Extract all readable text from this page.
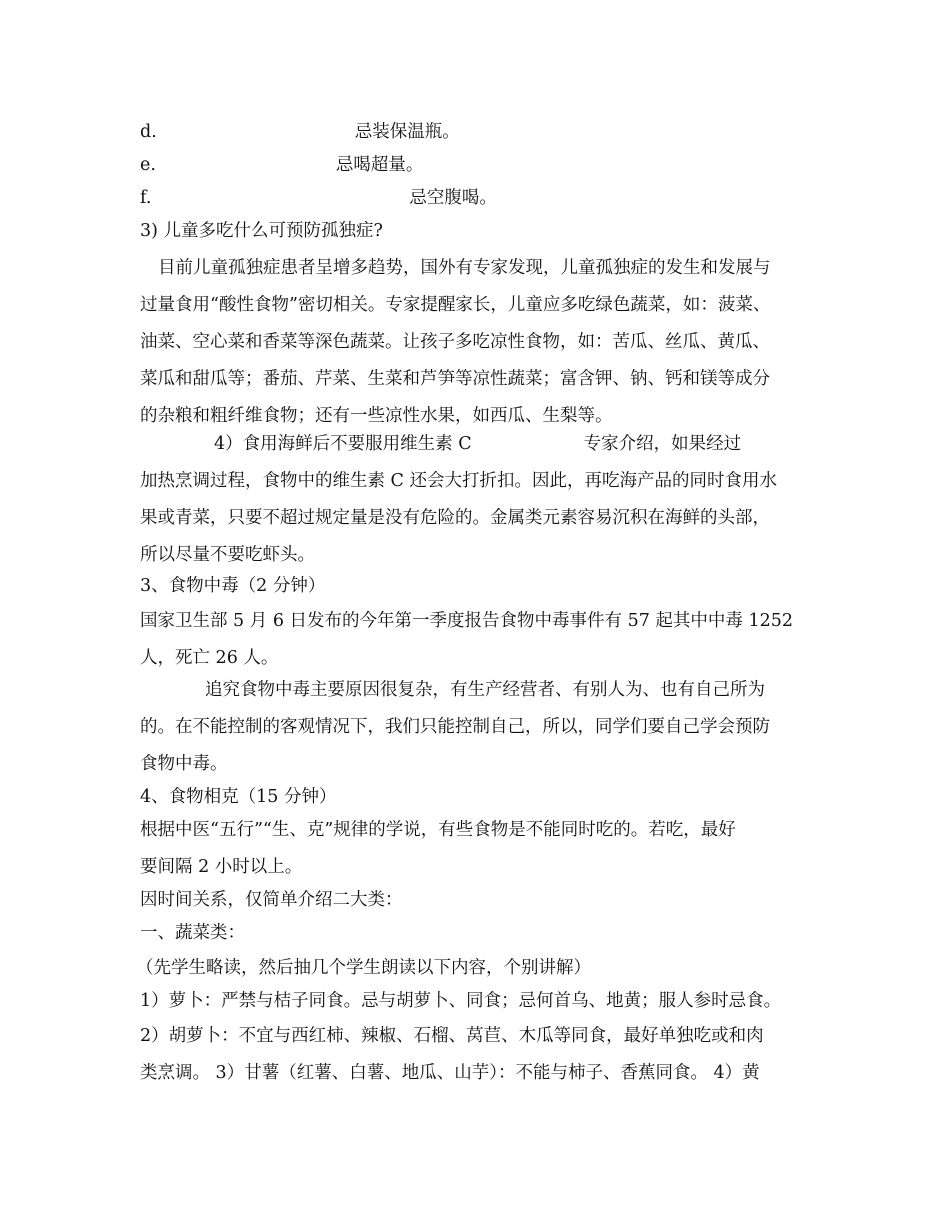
d.	忌装保温瓶。
e.	忌喝超量。
f.	忌空腹喝。
3) 儿童多吃什么可预防孤独症?
目前儿童孤独症患者呈增多趋势，国外有专家发现，儿童孤独症的发生和发展与
过量食用“酸性食物”密切相关。专家提醒家长，儿童应多吃绿色蔬菜，如：菠菜、
油菜、空心菜和香菜等深色蔬菜。让孩子多吃凉性食物，如：苦瓜、丝瓜、黄瓜、
菜瓜和甜瓜等；番茄、芹菜、生菜和芦笋等凉性蔬菜；富含钾、钠、钙和镁等成分
的杂粮和粗纤维食物；还有一些凉性水果，如西瓜、生梨等。
4）食用海鲜后不要服用维生素 C	专家介绍，如果经过
加热烹调过程，食物中的维生素 C 还会大打折扣。因此，再吃海产品的同时食用水
果或青菜，只要不超过规定量是没有危险的。金属类元素容易沉积在海鲜的头部，
所以尽量不要吃虾头。
3、食物中毒（2 分钟）
国家卫生部 5 月 6 日发布的今年第一季度报告食物中毒事件有 57 起其中中毒 1252
人，死亡 26 人。
追究食物中毒主要原因很复杂，有生产经营者、有别人为、也有自己所为
的。在不能控制的客观情况下，我们只能控制自己，所以，同学们要自己学会预防
食物中毒。
4、食物相克（15 分钟）
根据中医“五行”“生、克”规律的学说，有些食物是不能同时吃的。若吃，最好
要间隔 2 小时以上。
因时间关系，仅简单介绍二大类：
一、蔬菜类：
（先学生略读，然后抽几个学生朗读以下内容，个别讲解）
1）萝卜：严禁与桔子同食。忌与胡萝卜、同食；忌何首乌、地黄；服人参时忌食。
2）胡萝卜：不宜与西红柿、辣椒、石榴、莴苣、木瓜等同食，最好单独吃或和肉
类烹调。 3）甘薯（红薯、白薯、地瓜、山芋）：不能与柿子、香蕉同食。 4）黄
